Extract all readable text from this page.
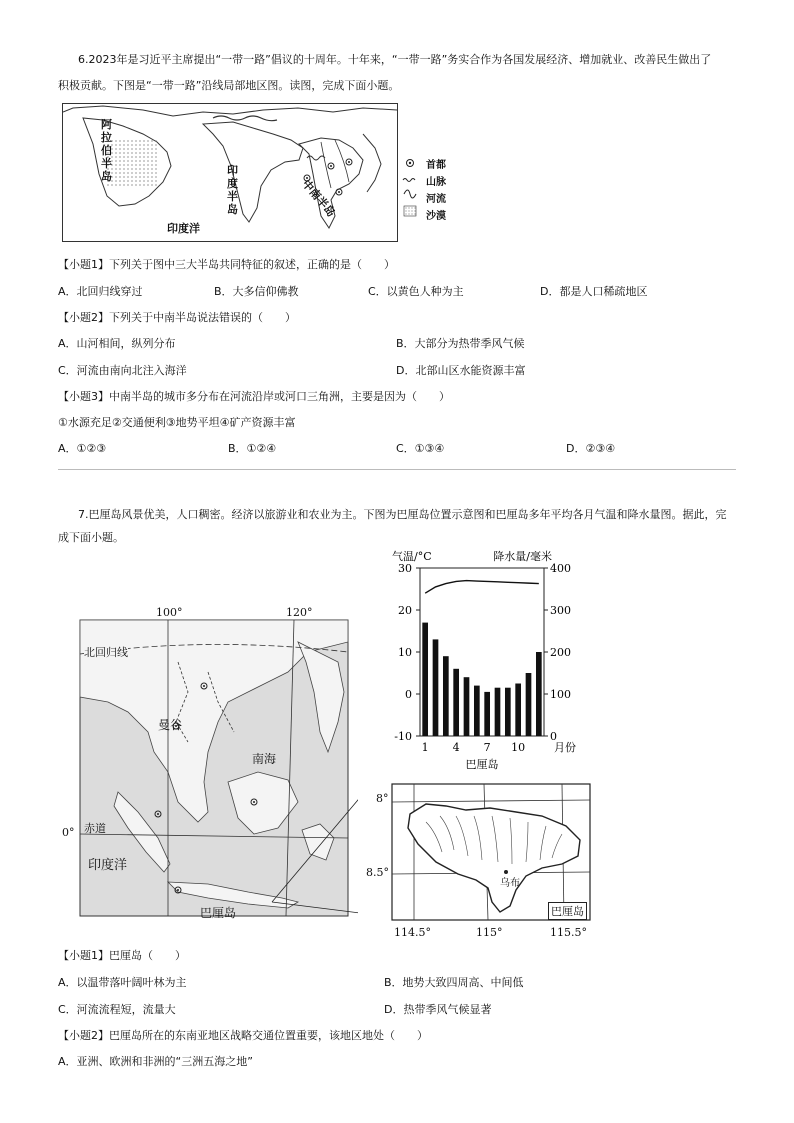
6.2023年是习近平主席提出“一带一路”倡议的十周年。十年来，“一带一路”务实合作为各国发展经济、增加就业、改善民生做出了
积极贡献。下图是“一带一路”沿线局部地区图。读图，完成下面小题。
阿拉伯半岛	印度半岛	中南半岛
印度洋
首都
山脉
河流
沙漠
【小题1】下列关于图中三大半岛共同特征的叙述，正确的是（　　）
A．北回归线穿过	B．大多信仰佛教	C．以黄色人种为主	D．都是人口稀疏地区
【小题2】下列关于中南半岛说法错误的（　　）
A．山河相间，纵列分布	B．大部分为热带季风气候
C．河流由南向北注入海洋	D．北部山区水能资源丰富
【小题3】中南半岛的城市多分布在河流沿岸或河口三角洲，主要是因为（　　）
①水源充足②交通便利③地势平坦④矿产资源丰富
A．①②③	B．①②④	C．①③④	D．②③④
7.巴厘岛风景优美，人口稠密。经济以旅游业和农业为主。下图为巴厘岛位置示意图和巴厘岛多年平均各月气温和降水量图。据此，完
成下面小题。
100°	120°
北回归线
赤道
0°
曼谷
南海
印度洋
巴厘岛
-10
0
10
20
30
0
100
200
300
400
1 4 7 10	月份
气温/°C	降水量/毫米
巴厘岛
8°
8.5°
114.5°	115°	115.5°
乌布
巴厘岛
【小题1】巴厘岛（　　）
A．以温带落叶阔叶林为主	B．地势大致四周高、中间低
C．河流流程短，流量大	D．热带季风气候显著
【小题2】巴厘岛所在的东南亚地区战略交通位置重要，该地区地处（　　）
A．亚洲、欧洲和非洲的“三洲五海之地”
